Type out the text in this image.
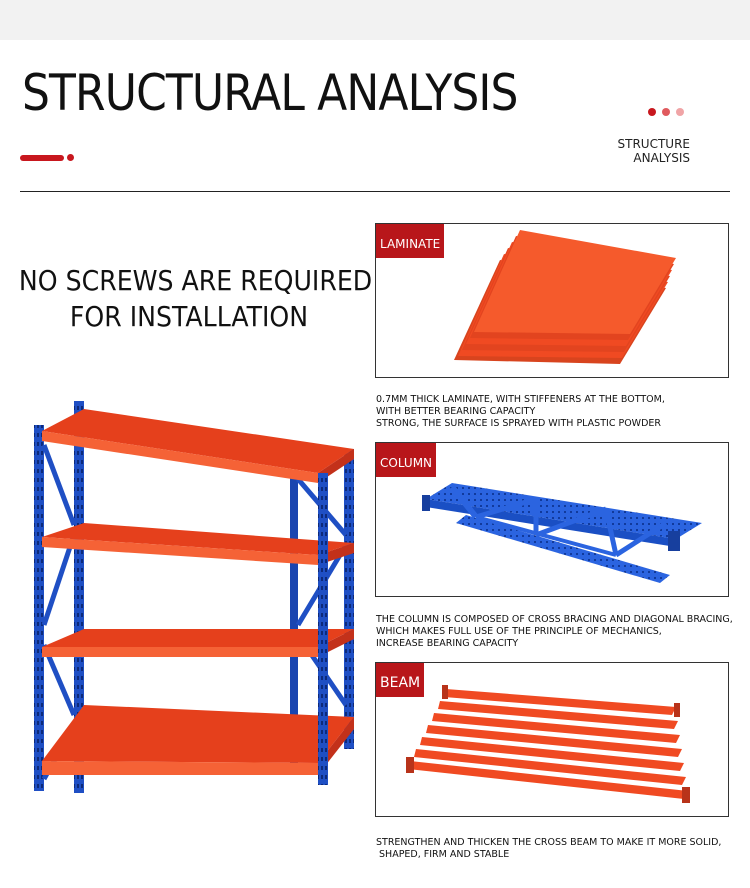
STRUCTURAL ANALYSIS
STRUCTURE
ANALYSIS
NO SCREWS ARE REQUIRED
FOR INSTALLATION
LAMINATE
0.7MM THICK LAMINATE, WITH STIFFENERS AT THE BOTTOM,
WITH BETTER BEARING CAPACITY
STRONG, THE SURFACE IS SPRAYED WITH PLASTIC POWDER
COLUMN
THE COLUMN IS COMPOSED OF CROSS BRACING AND DIAGONAL BRACING,
WHICH MAKES FULL USE OF THE PRINCIPLE OF MECHANICS,
INCREASE BEARING CAPACITY
BEAM
STRENGTHEN AND THICKEN THE CROSS BEAM TO MAKE IT MORE SOLID,
SHAPED, FIRM AND STABLE
